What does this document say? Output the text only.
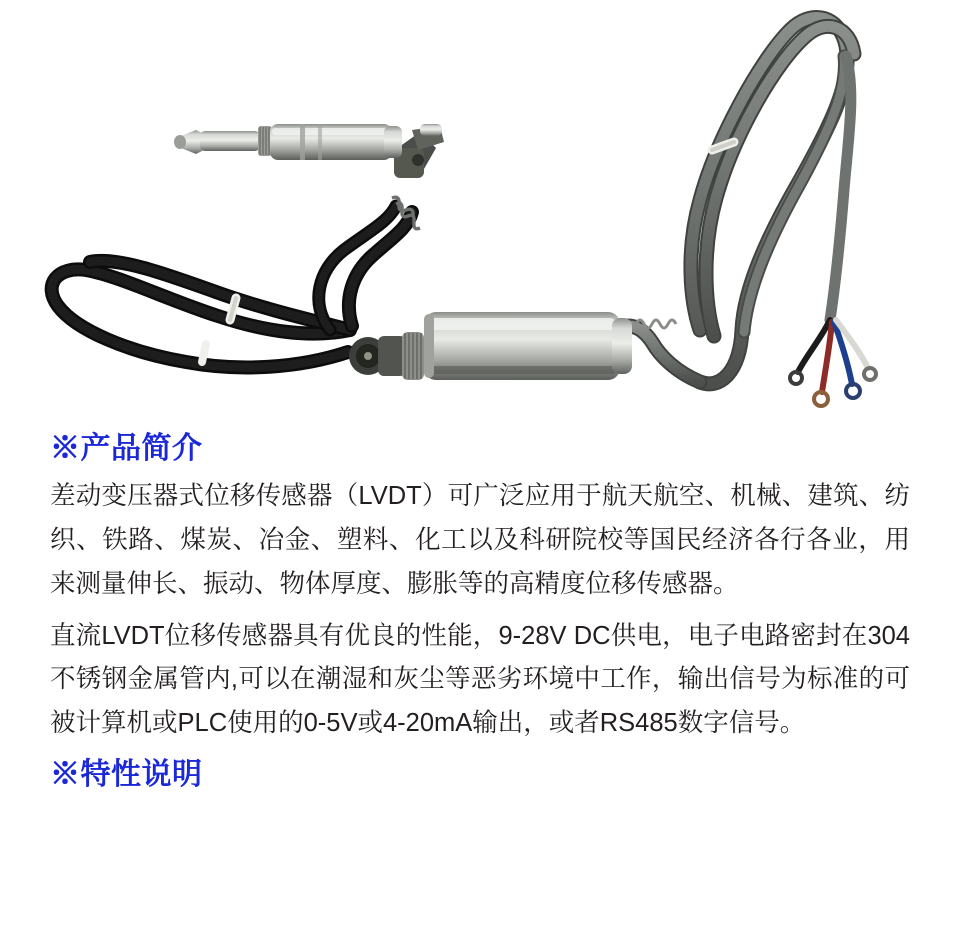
※产品简介

差动变压器式位移传感器（LVDT）可广泛应用于航天航空、机械、建筑、纺织、铁路、煤炭、冶金、塑料、化工以及科研院校等国民经济各行各业，用来测量伸长、振动、物体厚度、膨胀等的高精度位移传感器。

直流LVDT位移传感器具有优良的性能，9-28V DC供电，电子电路密封在304不锈钢金属管内,可以在潮湿和灰尘等恶劣环境中工作，输出信号为标准的可被计算机或PLC使用的0-5V或4-20mA输出，或者RS485数字信号。

※特性说明
